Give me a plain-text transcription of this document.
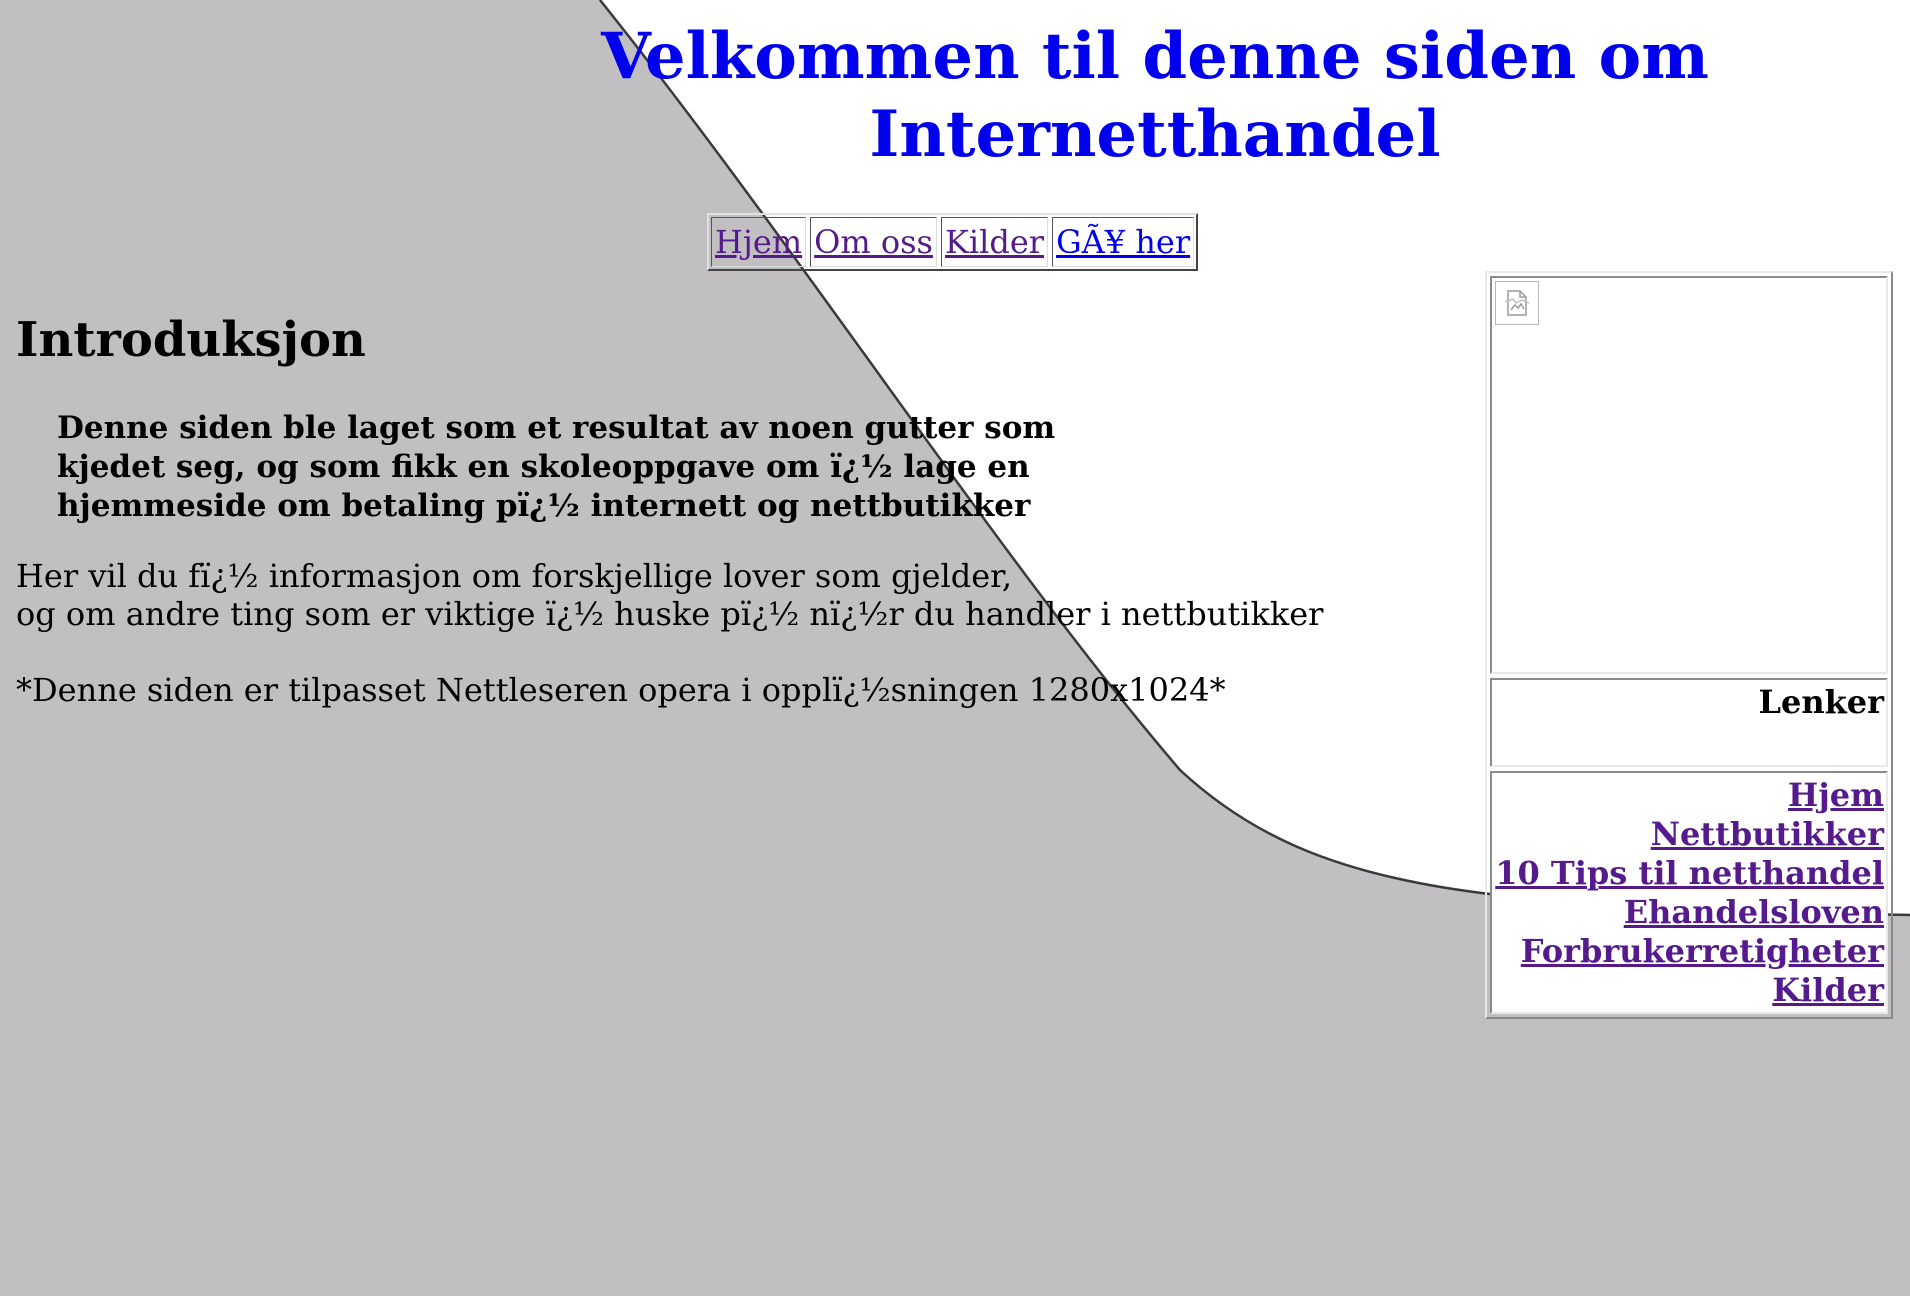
Velkommen til denne siden om
Internetthandel
Hjem Om oss Kilder GÃ¥ her
Introduksjon

Denne siden ble laget som et resultat av noen gutter som
kjedet seg, og som fikk en skoleoppgave om ï¿½ lage en
hjemmeside om betaling pï¿½ internett og nettbutikker

Her vil du fï¿½ informasjon om forskjellige lover som gjelder,
og om andre ting som er viktige ï¿½ huske pï¿½ nï¿½r du handler i nettbutikker
*Denne siden er tilpasset Nettleseren opera i opplï¿½sningen 1280x1024*	Lenker
Hjem
Nettbutikker
10 Tips til netthandel
Ehandelsloven
Forbrukerretigheter
Kilder
